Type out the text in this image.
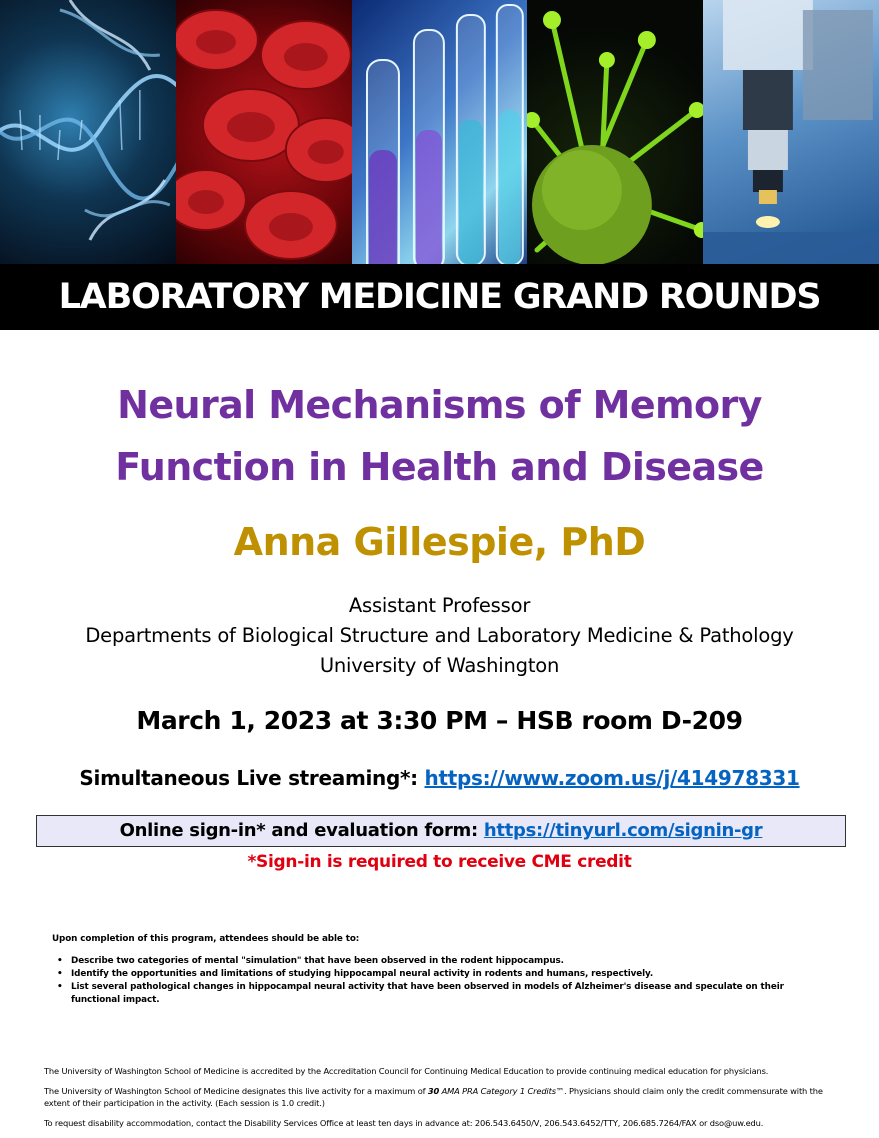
LABORATORY MEDICINE GRAND ROUNDS
Neural Mechanisms of Memory
Function in Health and Disease
Anna Gillespie, PhD
Assistant Professor
Departments of Biological Structure and Laboratory Medicine & Pathology
University of Washington
March 1, 2023 at 3:30 PM – HSB room D-209
Simultaneous Live streaming*: https://www.zoom.us/j/414978331
Online sign-in* and evaluation form: https://tinyurl.com/signin-gr
*Sign-in is required to receive CME credit
Upon completion of this program, attendees should be able to:
• Describe two categories of mental "simulation" that have been observed in the rodent hippocampus.
• Identify the opportunities and limitations of studying hippocampal neural activity in rodents and humans, respectively.
• List several pathological changes in hippocampal neural activity that have been observed in models of Alzheimer's disease and speculate on their functional impact.

The University of Washington School of Medicine is accredited by the Accreditation Council for Continuing Medical Education to provide continuing medical education for physicians.

The University of Washington School of Medicine designates this live activity for a maximum of 30 AMA PRA Category 1 Credits™. Physicians should claim only the credit commensurate with the extent of their participation in the activity. (Each session is 1.0 credit.)

To request disability accommodation, contact the Disability Services Office at least ten days in advance at: 206.543.6450/V, 206.543.6452/TTY, 206.685.7264/FAX or dso@uw.edu.
